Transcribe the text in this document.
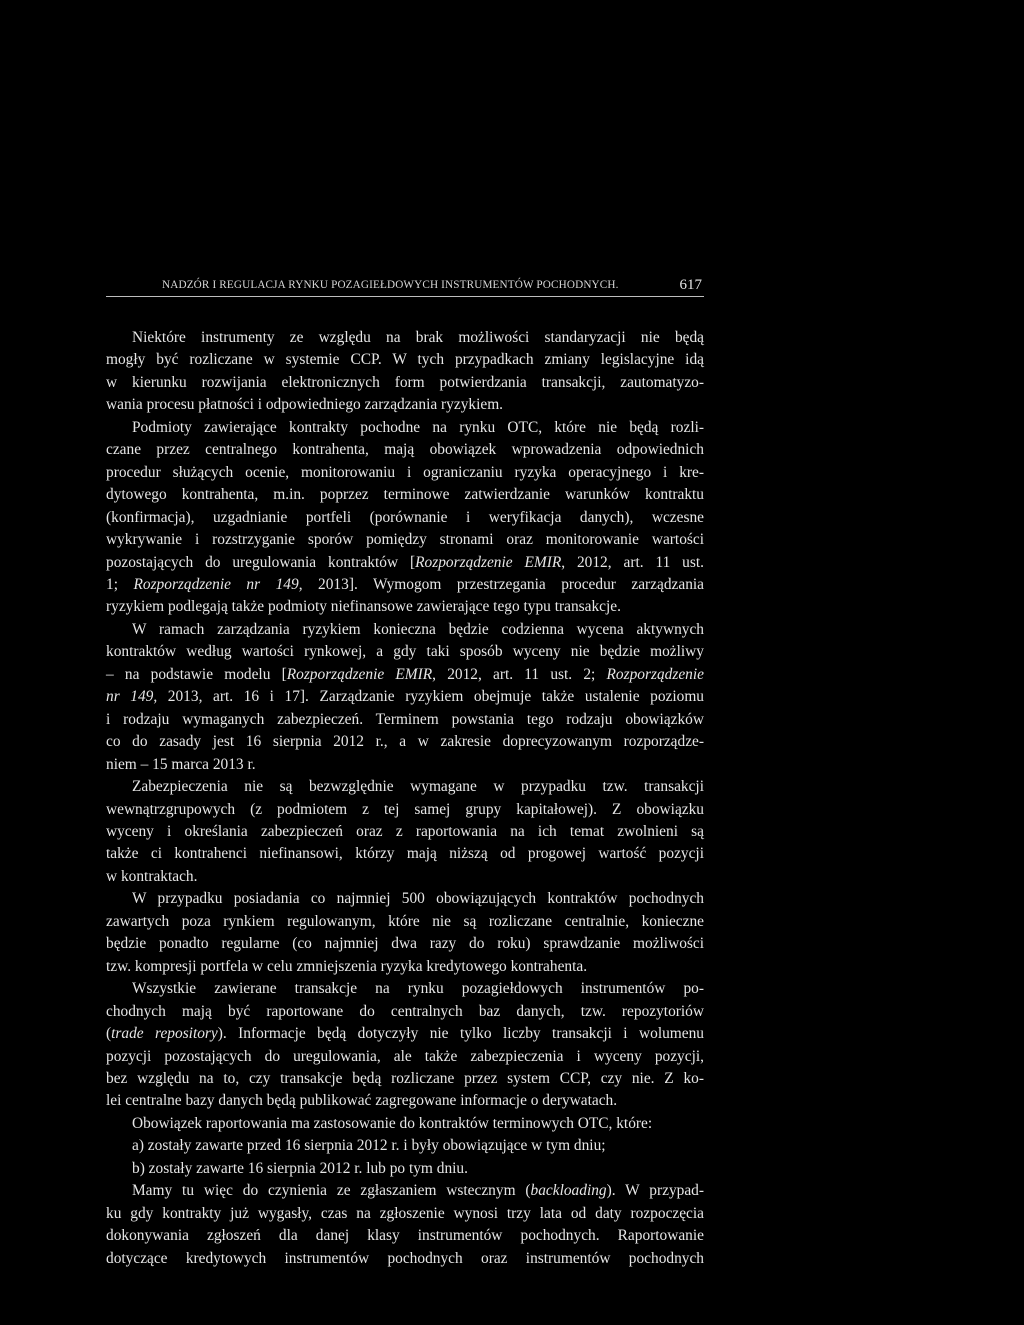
NADZÓR I REGULACJA RYNKU POZAGIEŁDOWYCH INSTRUMENTÓW POCHODNYCH.	617

Niektóre instrumenty ze względu na brak możliwości standaryzacji nie będą

mogły być rozliczane w systemie CCP. W tych przypadkach zmiany legislacyjne idą

w kierunku rozwijania elektronicznych form potwierdzania transakcji, zautomatyzo-

wania procesu płatności i odpowiedniego zarządzania ryzykiem.

Podmioty zawierające kontrakty pochodne na rynku OTC, które nie będą rozli-

czane przez centralnego kontrahenta, mają obowiązek wprowadzenia odpowiednich

procedur służących ocenie, monitorowaniu i ograniczaniu ryzyka operacyjnego i kre-

dytowego kontrahenta, m.in. poprzez terminowe zatwierdzanie warunków kontraktu

(konfirmacja), uzgadnianie portfeli (porównanie i weryfikacja danych), wczesne

wykrywanie i rozstrzyganie sporów pomiędzy stronami oraz monitorowanie wartości

pozostających do uregulowania kontraktów [Rozporządzenie EMIR, 2012, art. 11 ust.

1; Rozporządzenie nr 149, 2013]. Wymogom przestrzegania procedur zarządzania

ryzykiem podlegają także podmioty niefinansowe zawierające tego typu transakcje.

W ramach zarządzania ryzykiem konieczna będzie codzienna wycena aktywnych

kontraktów według wartości rynkowej, a gdy taki sposób wyceny nie będzie możliwy

– na podstawie modelu [Rozporządzenie EMIR, 2012, art. 11 ust. 2; Rozporządzenie

nr 149, 2013, art. 16 i 17]. Zarządzanie ryzykiem obejmuje także ustalenie poziomu

i rodzaju wymaganych zabezpieczeń. Terminem powstania tego rodzaju obowiązków

co do zasady jest 16 sierpnia 2012 r., a w zakresie doprecyzowanym rozporządze-

niem – 15 marca 2013 r.

Zabezpieczenia nie są bezwzględnie wymagane w przypadku tzw. transakcji

wewnątrzgrupowych (z podmiotem z tej samej grupy kapitałowej). Z obowiązku

wyceny i określania zabezpieczeń oraz z raportowania na ich temat zwolnieni są

także ci kontrahenci niefinansowi, którzy mają niższą od progowej wartość pozycji

w kontraktach.

W przypadku posiadania co najmniej 500 obowiązujących kontraktów pochodnych

zawartych poza rynkiem regulowanym, które nie są rozliczane centralnie, konieczne

będzie ponadto regularne (co najmniej dwa razy do roku) sprawdzanie możliwości

tzw. kompresji portfela w celu zmniejszenia ryzyka kredytowego kontrahenta.

Wszystkie zawierane transakcje na rynku pozagiełdowych instrumentów po-

chodnych mają być raportowane do centralnych baz danych, tzw. repozytoriów

(trade repository). Informacje będą dotyczyły nie tylko liczby transakcji i wolumenu

pozycji pozostających do uregulowania, ale także zabezpieczenia i wyceny pozycji,

bez względu na to, czy transakcje będą rozliczane przez system CCP, czy nie. Z ko-

lei centralne bazy danych będą publikować zagregowane informacje o derywatach.

Obowiązek raportowania ma zastosowanie do kontraktów terminowych OTC, które:

a) zostały zawarte przed 16 sierpnia 2012 r. i były obowiązujące w tym dniu;

b) zostały zawarte 16 sierpnia 2012 r. lub po tym dniu.

Mamy tu więc do czynienia ze zgłaszaniem wstecznym (backloading). W przypad-

ku gdy kontrakty już wygasły, czas na zgłoszenie wynosi trzy lata od daty rozpoczęcia

dokonywania zgłoszeń dla danej klasy instrumentów pochodnych. Raportowanie

dotyczące kredytowych instrumentów pochodnych oraz instrumentów pochodnych
